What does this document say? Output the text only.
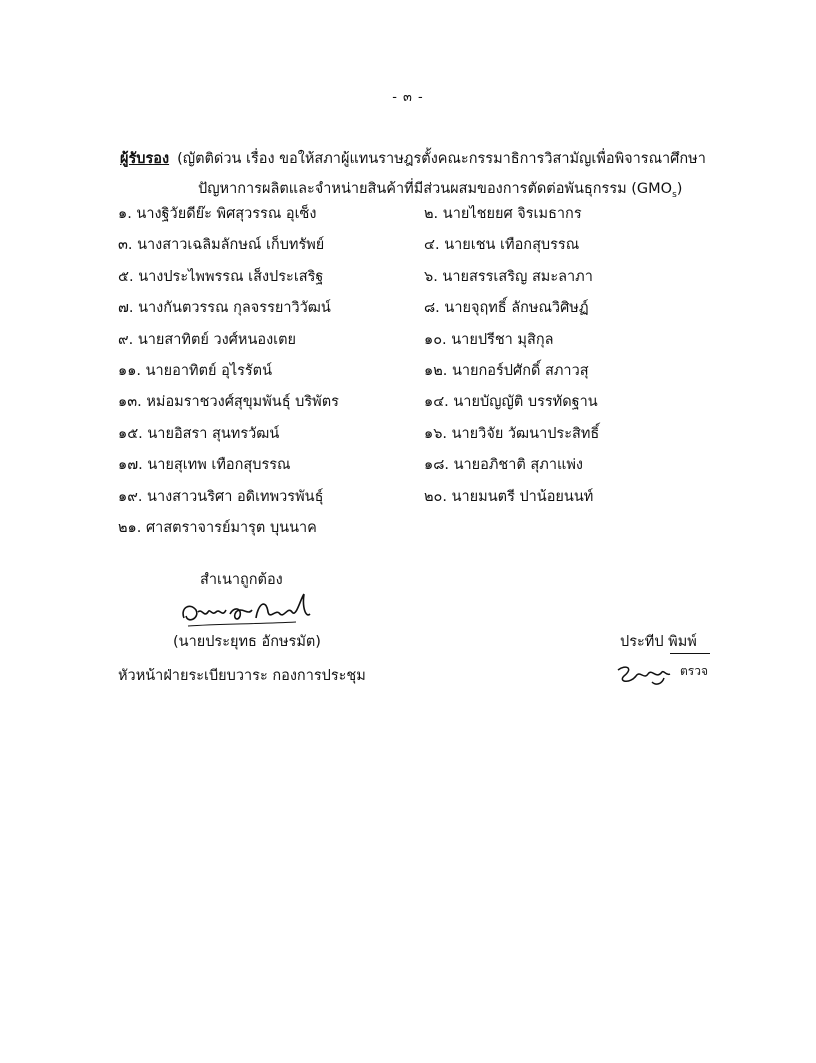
- ๓ -
ผู้รับรอง (ญัตติด่วน เรื่อง ขอให้สภาผู้แทนราษฎรตั้งคณะกรรมาธิการวิสามัญเพื่อพิจารณาศึกษา
ปัญหาการผลิตและจำหน่ายสินค้าที่มีส่วนผสมของการตัดต่อพันธุกรรม $(GMO_s)$
๑. นางฐิวัยดีย๊ะ พิศสุวรรณ อุเซ็ง	๒. นายไชยยศ จิรเมธากร
๓. นางสาวเฉลิมลักษณ์ เก็บทรัพย์	๔. นายเชน เทือกสุบรรณ
๕. นางประไพพรรณ เส็งประเสริฐ	๖. นายสรรเสริญ สมะลาภา
๗. นางกันตวรรณ กุลจรรยาวิวัฒน์	๘. นายจุฤทธิ์ ลักษณวิศิษฏ์
๙. นายสาทิตย์ วงศ์หนองเตย	๑๐. นายปรีชา มุสิกุล
๑๑. นายอาทิตย์ อุไรรัตน์	๑๒. นายกอร์ปศักดิ์ สภาวสุ
๑๓. หม่อมราชวงศ์สุขุมพันธุ์ บริพัตร	๑๔. นายบัญญัติ บรรทัดฐาน
๑๕. นายอิสรา สุนทรวัฒน์	๑๖. นายวิจัย วัฒนาประสิทธิ์
๑๗. นายสุเทพ เทือกสุบรรณ	๑๘. นายอภิชาติ สุภาแพ่ง
๑๙. นางสาวนริศา อดิเทพวรพันธุ์	๒๐. นายมนตรี ปาน้อยนนท์
๒๑. ศาสตราจารย์มารุต บุนนาค
สำเนาถูกต้อง
(นายประยุทธ อักษรมัต)
หัวหน้าฝ่ายระเบียบวาระ กองการประชุม
ประทีป พิมพ์
ตรวจ
